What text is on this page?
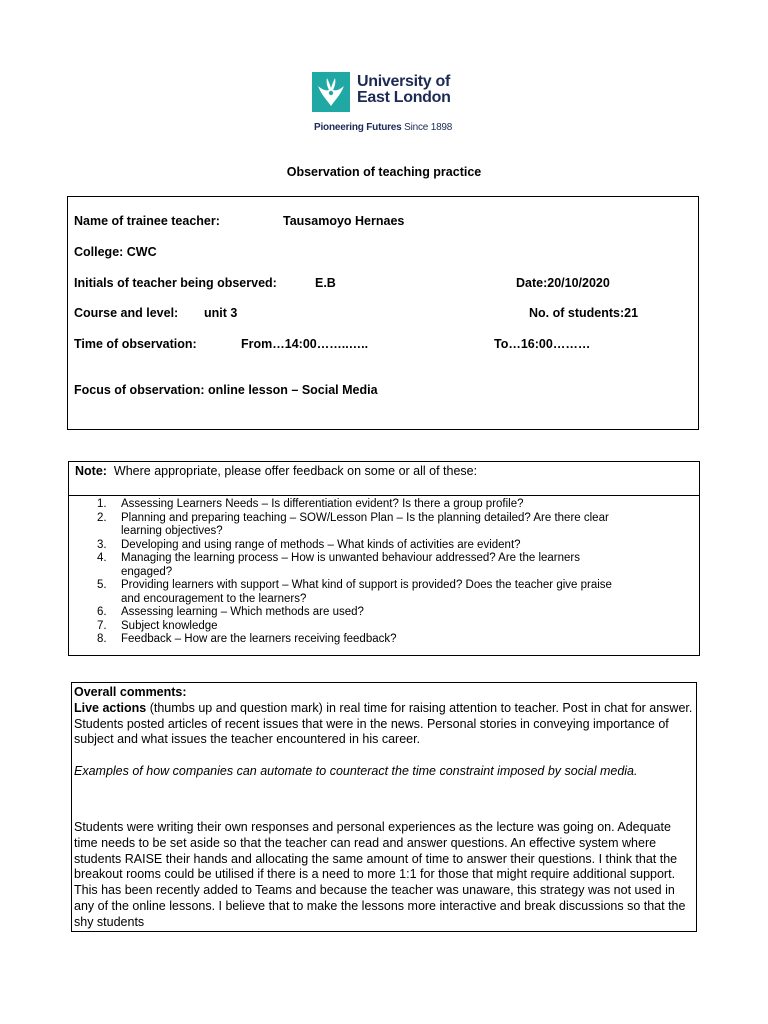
University of
East London
Pioneering Futures Since 1898
Observation of teaching practice
Name of trainee teacher:	Tausamoyo Hernaes
College: CWC
Initials of teacher being observed:	E.B	Date:20/10/2020
Course and level: unit 3	No. of students:21
Time of observation:	From…14:00……..…..	To…16:00………
Focus of observation: online lesson – Social Media
Note: Where appropriate, please offer feedback on some or all of these:
1. Assessing Learners Needs – Is differentiation evident? Is there a group profile?
2. Planning and preparing teaching – SOW/Lesson Plan – Is the planning detailed? Are there clear
learning objectives?
3. Developing and using range of methods – What kinds of activities are evident?
4. Managing the learning process – How is unwanted behaviour addressed? Are the learners
engaged?
5. Providing learners with support – What kind of support is provided? Does the teacher give praise
and encouragement to the learners?
6. Assessing learning – Which methods are used?
7. Subject knowledge
8. Feedback – How are the learners receiving feedback?

Overall comments:

Live actions (thumbs up and question mark) in real time for raising attention to teacher. Post in chat for answer. Students posted articles of recent issues that were in the news. Personal stories in conveying importance of subject and what issues the teacher encountered in his career.

Examples of how companies can automate to counteract the time constraint imposed by social media.

Students were writing their own responses and personal experiences as the lecture was going on. Adequate time needs to be set aside so that the teacher can read and answer questions. An effective system where students RAISE their hands and allocating the same amount of time to answer their questions. I think that the breakout rooms could be utilised if there is a need to more 1:1 for those that might require additional support. This has been recently added to Teams and because the teacher was unaware, this strategy was not used in any of the online lessons. I believe that to make the lessons more interactive and break discussions so that the shy students
